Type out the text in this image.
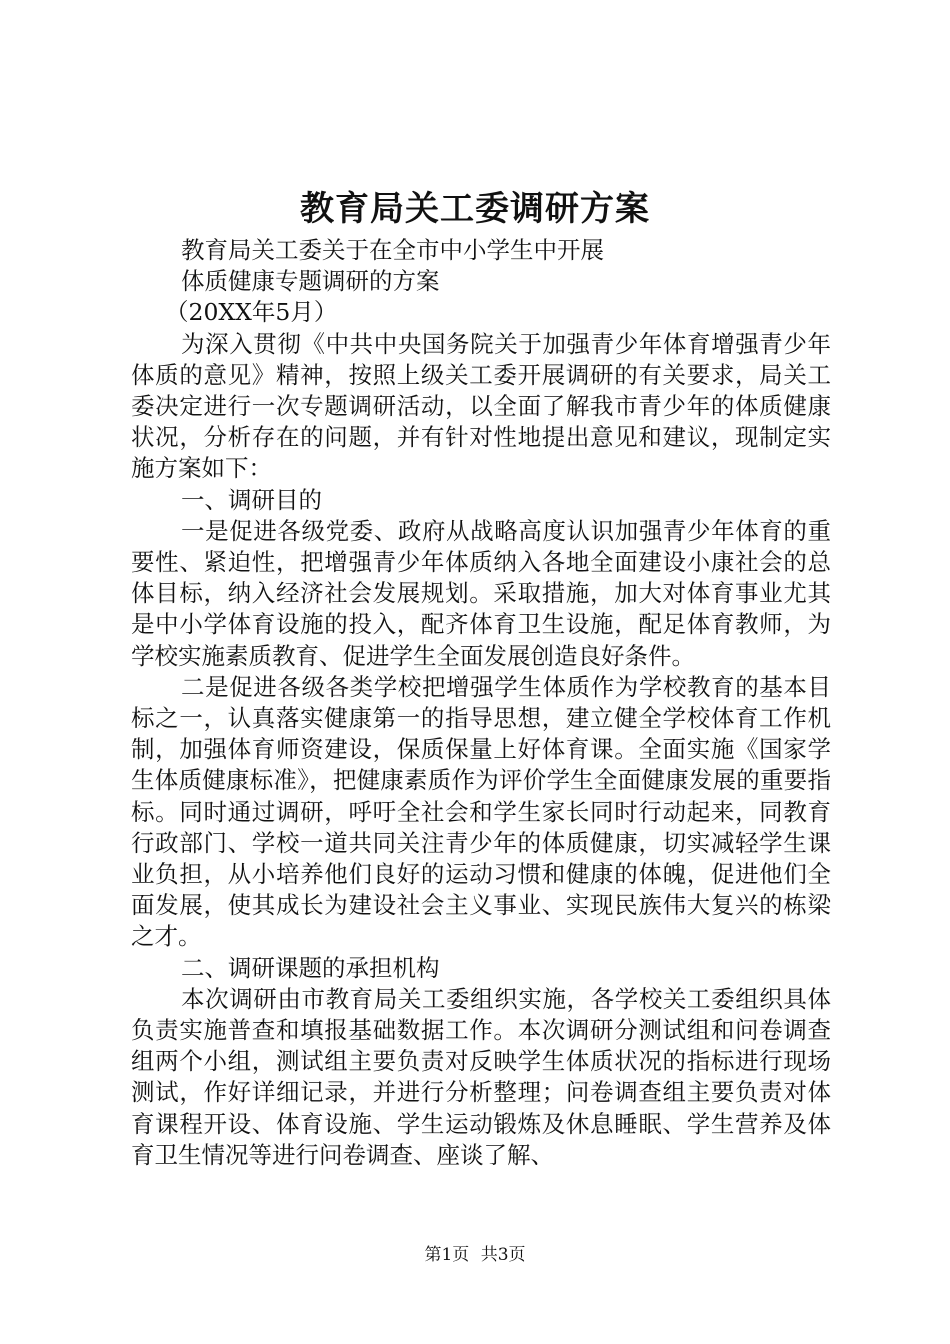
教育局关工委调研方案

教育局关工委关于在全市中小学生中开展

体质健康专题调研的方案

（20XX年5月）

为深入贯彻《中共中央国务院关于加强青少年体育增强青少年体质的意见》精神，按照上级关工委开展调研的有关要求，局关工委决定进行一次专题调研活动，以全面了解我市青少年的体质健康状况，分析存在的问题，并有针对性地提出意见和建议，现制定实施方案如下：

一、调研目的

一是促进各级党委、政府从战略高度认识加强青少年体育的重要性、紧迫性，把增强青少年体质纳入各地全面建设小康社会的总体目标，纳入经济社会发展规划。采取措施，加大对体育事业尤其是中小学体育设施的投入，配齐体育卫生设施，配足体育教师，为学校实施素质教育、促进学生全面发展创造良好条件。

二是促进各级各类学校把增强学生体质作为学校教育的基本目标之一，认真落实健康第一的指导思想，建立健全学校体育工作机制，加强体育师资建设，保质保量上好体育课。全面实施《国家学生体质健康标准》，把健康素质作为评价学生全面健康发展的重要指标。同时通过调研，呼吁全社会和学生家长同时行动起来，同教育行政部门、学校一道共同关注青少年的体质健康，切实减轻学生课业负担，从小培养他们良好的运动习惯和健康的体魄，促进他们全面发展，使其成长为建设社会主义事业、实现民族伟大复兴的栋梁之才。

二、调研课题的承担机构

本次调研由市教育局关工委组织实施，各学校关工委组织具体负责实施普查和填报基础数据工作。本次调研分测试组和问卷调查组两个小组，测试组主要负责对反映学生体质状况的指标进行现场测试，作好详细记录，并进行分析整理；问卷调查组主要负责对体育课程开设、体育设施、学生运动锻炼及休息睡眠、学生营养及体育卫生情况等进行问卷调查、座谈了解、

第1页 共3页
